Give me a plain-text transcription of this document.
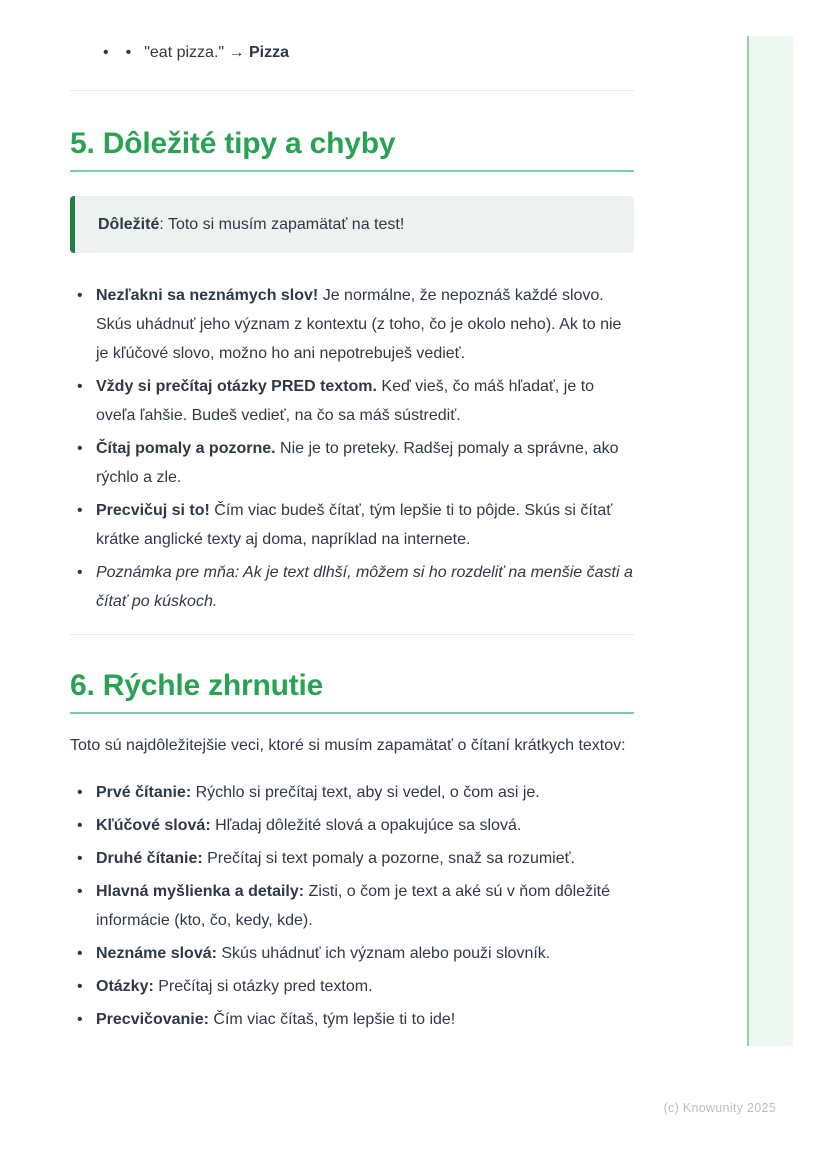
• • "eat pizza." → Pizza
5. Dôležité tipy a chyby
Dôležité: Toto si musím zapamätať na test!
• Nezľakni sa neznámych slov! Je normálne, že nepoznáš každé slovo. Skús uhádnuť jeho význam z kontextu (z toho, čo je okolo neho). Ak to nie je kľúčové slovo, možno ho ani nepotrebuješ vedieť.
• Vždy si prečítaj otázky PRED textom. Keď vieš, čo máš hľadať, je to oveľa ľahšie. Budeš vedieť, na čo sa máš sústrediť.
• Čítaj pomaly a pozorne. Nie je to preteky. Radšej pomaly a správne, ako rýchlo a zle.
• Precvičuj si to! Čím viac budeš čítať, tým lepšie ti to pôjde. Skús si čítať krátke anglické texty aj doma, napríklad na internete.
• Poznámka pre mňa: Ak je text dlhší, môžem si ho rozdeliť na menšie časti a čítať po kúskoch.
6. Rýchle zhrnutie

Toto sú najdôležitejšie veci, ktoré si musím zapamätať o čítaní krátkych textov:

• Prvé čítanie: Rýchlo si prečítaj text, aby si vedel, o čom asi je.
• Kľúčové slová: Hľadaj dôležité slová a opakujúce sa slová.
• Druhé čítanie: Prečítaj si text pomaly a pozorne, snaž sa rozumieť.
• Hlavná myšlienka a detaily: Zisti, o čom je text a aké sú v ňom dôležité informácie (kto, čo, kedy, kde).
• Neznáme slová: Skús uhádnuť ich význam alebo použi slovník.
• Otázky: Prečítaj si otázky pred textom.
• Precvičovanie: Čím viac čítaš, tým lepšie ti to ide!
(c) Knowunity 2025
